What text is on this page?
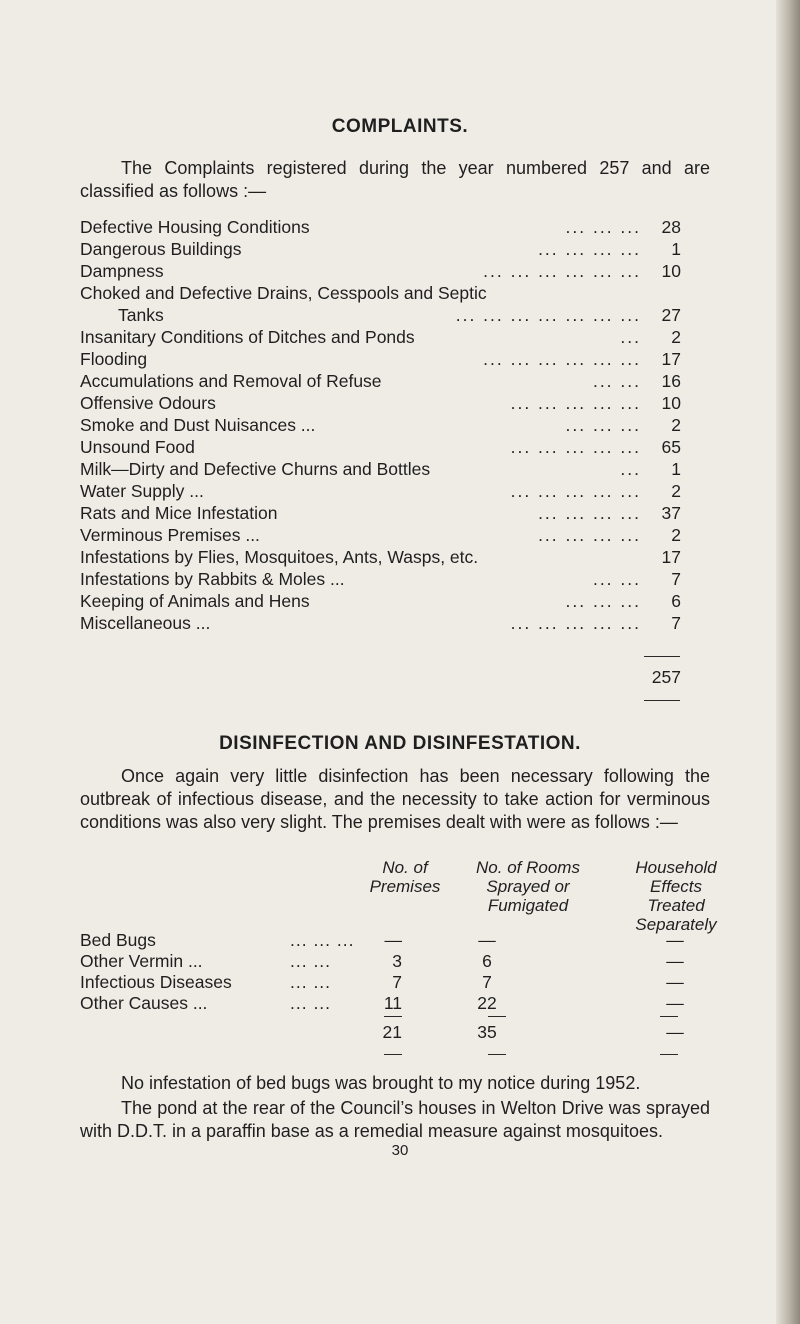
COMPLAINTS.
The Complaints registered during the year numbered 257 and are classified as follows :—
Defective Housing Conditions	... ... ...	28
Dangerous Buildings	... ... ... ...	1
Dampness	... ... ... ... ... ...	10
Choked and Defective Drains, Cesspools and Septic
Tanks	... ... ... ... ... ... ...	27
Insanitary Conditions of Ditches and Ponds	...	2
Flooding	... ... ... ... ... ...	17
Accumulations and Removal of Refuse	... ...	16
Offensive Odours	... ... ... ... ...	10
Smoke and Dust Nuisances ...	... ... ...	2
Unsound Food	... ... ... ... ...	65
Milk—Dirty and Defective Churns and Bottles	...	1
Water Supply ...	... ... ... ... ...	2
Rats and Mice Infestation	... ... ... ...	37
Verminous Premises ...	... ... ... ...	2
Infestations by Flies, Mosquitoes, Ants, Wasps, etc.	17
Infestations by Rabbits & Moles ...	... ...	7
Keeping of Animals and Hens	... ... ...	6
Miscellaneous ...	... ... ... ... ...	7
257
DISINFECTION AND DISINFESTATION.
Once again very little disinfection has been necessary following the outbreak of infectious disease, and the necessity to take action for verminous conditions was also very slight. The premises dealt with were as follows :—
No. of
Premises
No. of Rooms
Sprayed or
Fumigated
Household
Effects
Treated
Separately
Bed Bugs	... ... ...	—	—	—
Other Vermin ...	... ...	3	6	—
Infectious Diseases	... ...	7	7	—
Other Causes ...	... ...	11	22	—
21	35	—
No infestation of bed bugs was brought to my notice during 1952.
The pond at the rear of the Council’s houses in Welton Drive was sprayed with D.D.T. in a paraffin base as a remedial measure against mosquitoes.
30
